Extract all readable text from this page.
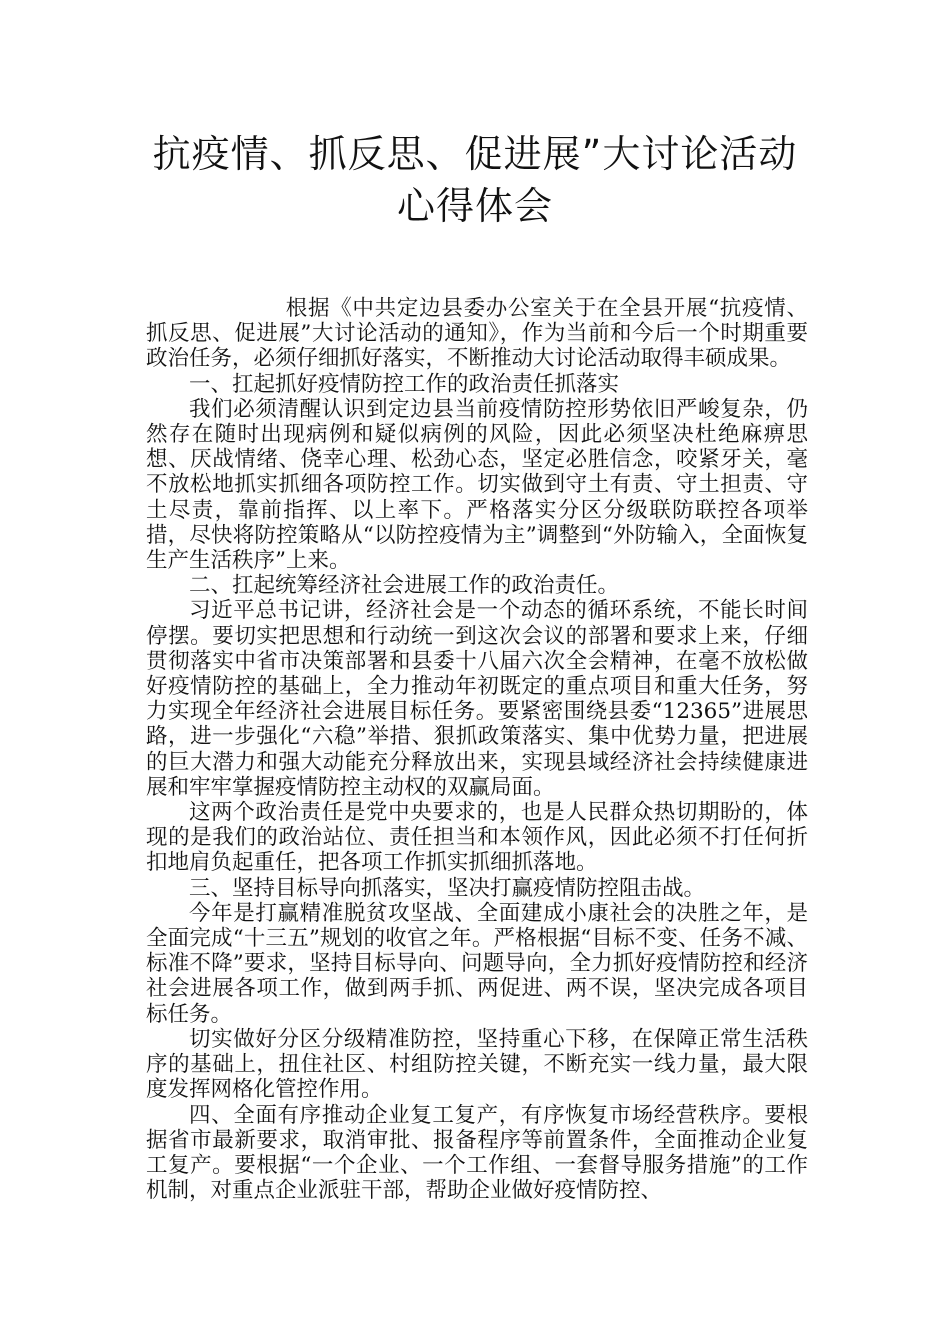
抗疫情、抓反思、促进展”大讨论活动
心得体会

根据《中共定边县委办公室关于在全县开展“抗疫情、抓反思、促进展”大讨论活动的通知》，作为当前和今后一个时期重要政治任务，必须仔细抓好落实，不断推动大讨论活动取得丰硕成果。

一、扛起抓好疫情防控工作的政治责任抓落实

我们必须清醒认识到定边县当前疫情防控形势依旧严峻复杂，仍然存在随时出现病例和疑似病例的风险，因此必须坚决杜绝麻痹思想、厌战情绪、侥幸心理、松劲心态，坚定必胜信念，咬紧牙关，毫不放松地抓实抓细各项防控工作。切实做到守土有责、守土担责、守土尽责，靠前指挥、以上率下。严格落实分区分级联防联控各项举措，尽快将防控策略从“以防控疫情为主”调整到“外防输入，全面恢复生产生活秩序”上来。

二、扛起统筹经济社会进展工作的政治责任。

习近平总书记讲，经济社会是一个动态的循环系统，不能长时间停摆。要切实把思想和行动统一到这次会议的部署和要求上来，仔细贯彻落实中省市决策部署和县委十八届六次全会精神，在毫不放松做好疫情防控的基础上，全力推动年初既定的重点项目和重大任务，努力实现全年经济社会进展目标任务。要紧密围绕县委“12365”进展思路，进一步强化“六稳”举措、狠抓政策落实、集中优势力量，把进展的巨大潜力和强大动能充分释放出来，实现县域经济社会持续健康进展和牢牢掌握疫情防控主动权的双赢局面。

这两个政治责任是党中央要求的，也是人民群众热切期盼的，体现的是我们的政治站位、责任担当和本领作风，因此必须不打任何折扣地肩负起重任，把各项工作抓实抓细抓落地。

三、坚持目标导向抓落实，坚决打赢疫情防控阻击战。

今年是打赢精准脱贫攻坚战、全面建成小康社会的决胜之年，是全面完成“十三五”规划的收官之年。严格根据“目标不变、任务不减、标准不降”要求，坚持目标导向、问题导向，全力抓好疫情防控和经济社会进展各项工作，做到两手抓、两促进、两不误，坚决完成各项目标任务。

切实做好分区分级精准防控，坚持重心下移，在保障正常生活秩序的基础上，扭住社区、村组防控关键，不断充实一线力量，最大限度发挥网格化管控作用。

四、全面有序推动企业复工复产，有序恢复市场经营秩序。要根据省市最新要求，取消审批、报备程序等前置条件，全面推动企业复工复产。要根据“一个企业、一个工作组、一套督导服务措施”的工作机制，对重点企业派驻干部，帮助企业做好疫情防控、
